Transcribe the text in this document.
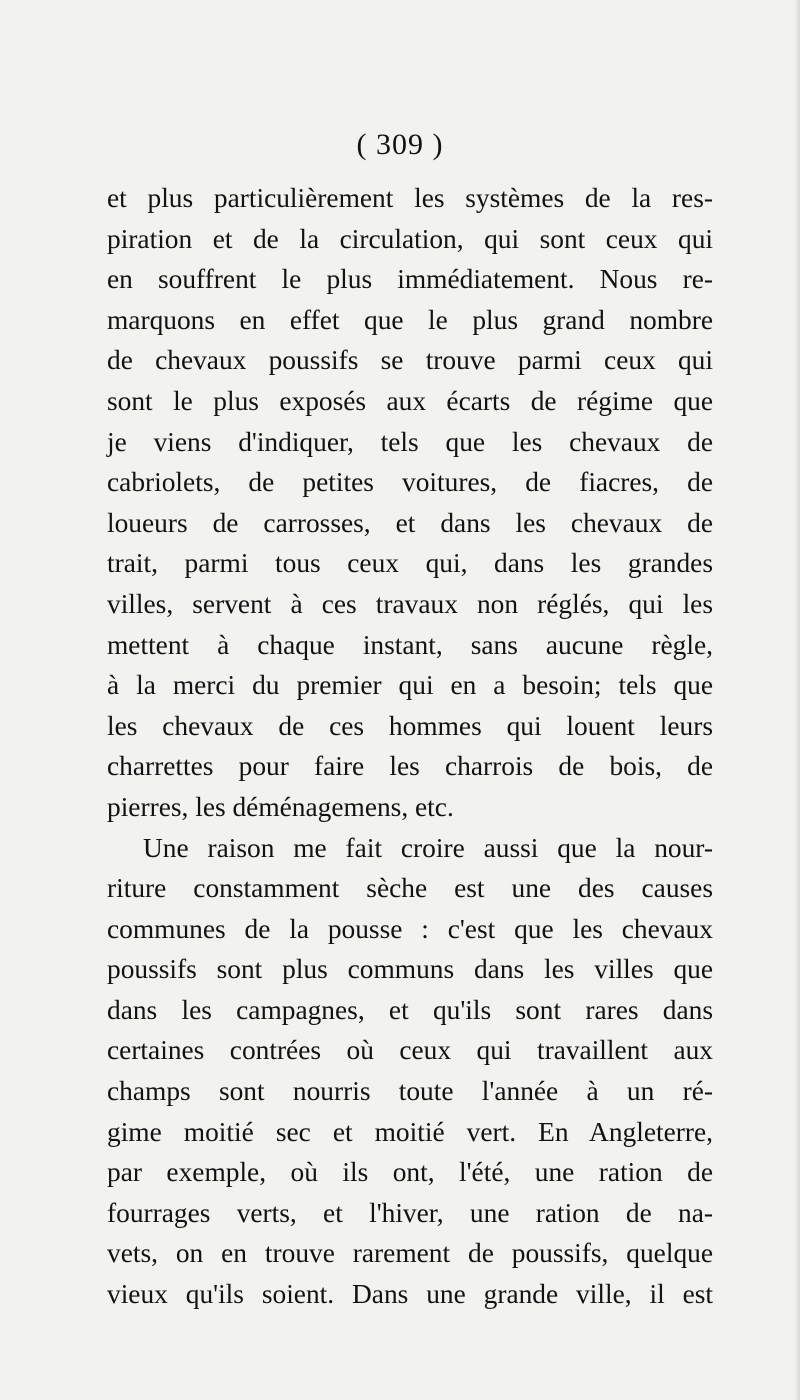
( 309 )
et plus particulièrement les systèmes de la res-
piration et de la circulation, qui sont ceux qui
en souffrent le plus immédiatement. Nous re-
marquons en effet que le plus grand nombre
de chevaux poussifs se trouve parmi ceux qui
sont le plus exposés aux écarts de régime que
je viens d'indiquer, tels que les chevaux de
cabriolets, de petites voitures, de fiacres, de
loueurs de carrosses, et dans les chevaux de
trait, parmi tous ceux qui, dans les grandes
villes, servent à ces travaux non réglés, qui les
mettent à chaque instant, sans aucune règle,
à la merci du premier qui en a besoin; tels que
les chevaux de ces hommes qui louent leurs
charrettes pour faire les charrois de bois, de
pierres, les déménagemens, etc.
Une raison me fait croire aussi que la nour-
riture constamment sèche est une des causes
communes de la pousse : c'est que les chevaux
poussifs sont plus communs dans les villes que
dans les campagnes, et qu'ils sont rares dans
certaines contrées où ceux qui travaillent aux
champs sont nourris toute l'année à un ré-
gime moitié sec et moitié vert. En Angleterre,
par exemple, où ils ont, l'été, une ration de
fourrages verts, et l'hiver, une ration de na-
vets, on en trouve rarement de poussifs, quelque
vieux qu'ils soient. Dans une grande ville, il est
